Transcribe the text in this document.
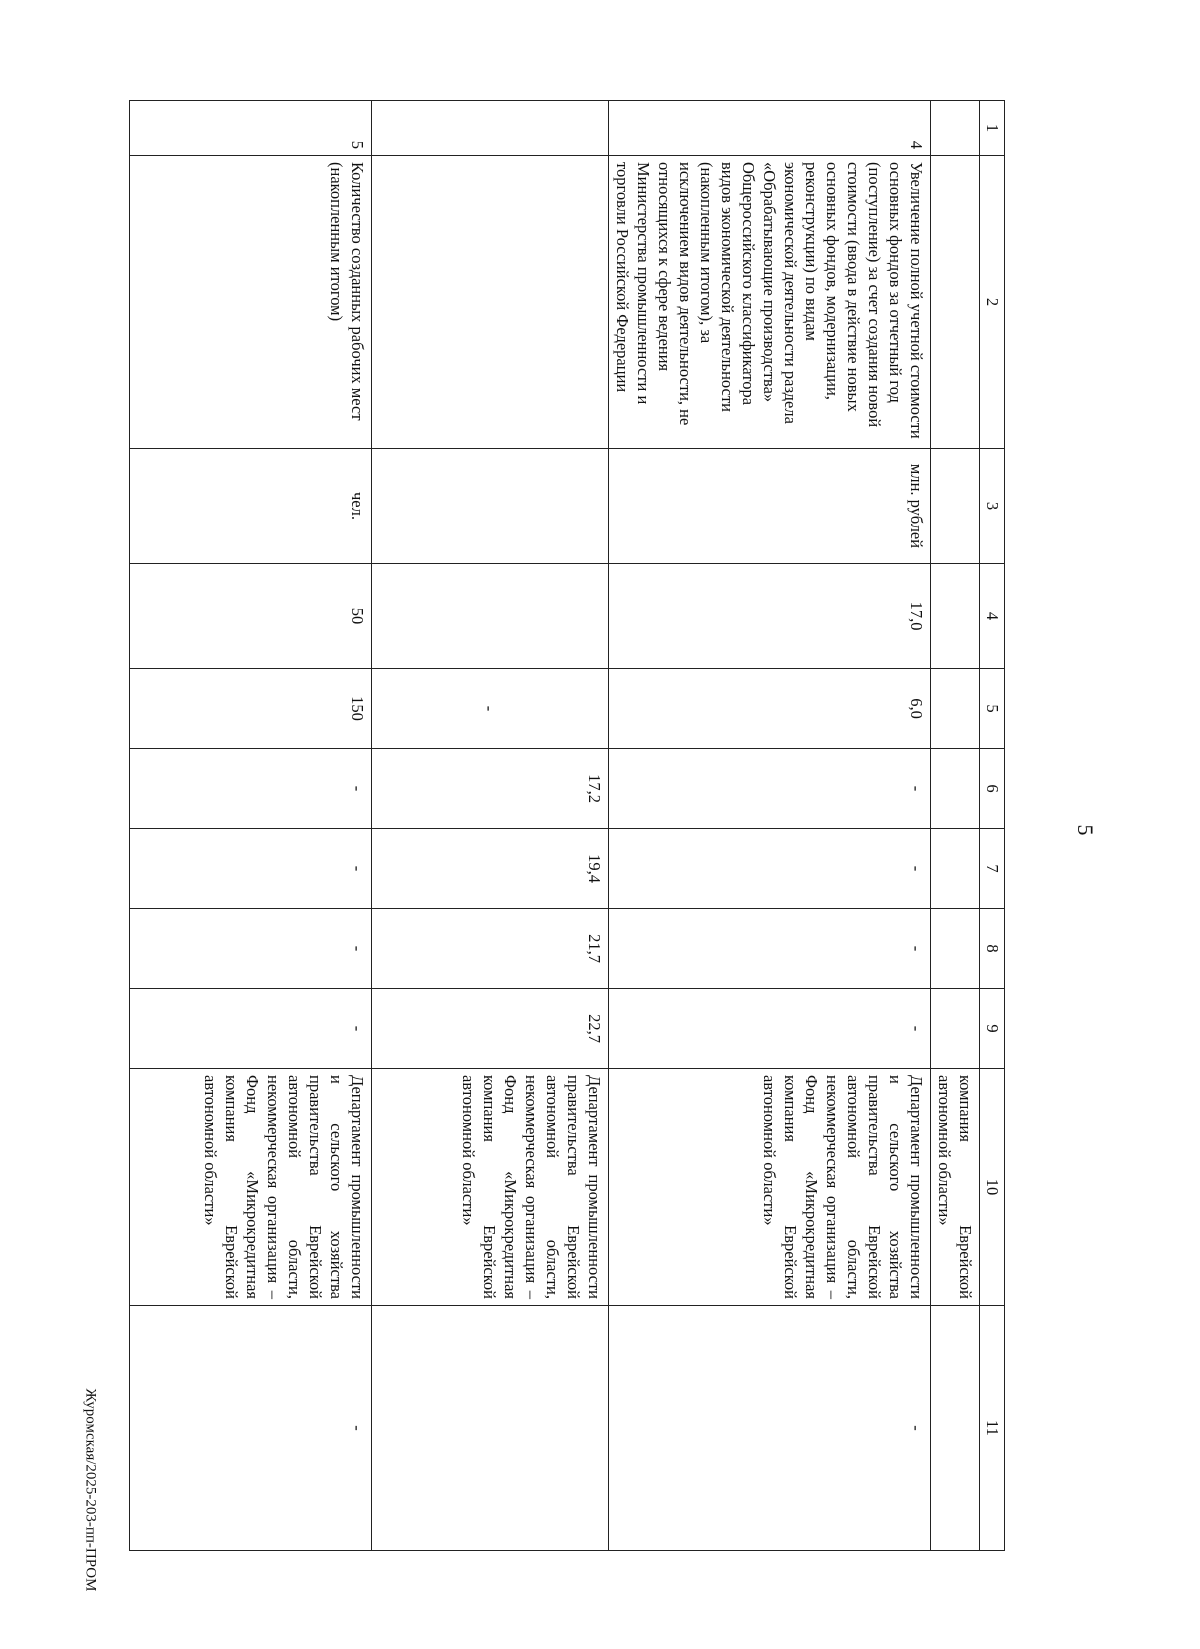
5
1	2	3	4	5	6	7	8	9	10	11
									компания Еврейской автономной области»	
4	Увеличение полной учетной стоимости основных фондов за отчетный год (поступление) за счет создания новой стоимости (ввода в действие новых основных фондов, модернизации, реконструкции) по видам экономической деятельности раздела «Обрабатывающие производства» Общероссийского классификатора видов экономической деятельности (накопленным итогом), за исключением видов деятельности, не относящихся к сфере ведения Министерства промышленности и торговли Российской Федерации	млн. рублей	17,0	6,0	-	-	-	-	Департамент промышленности и сельского хозяйства правительства Еврейской автономной области, некоммерческая организация – Фонд «Микрокредитная компания Еврейской автономной области»	-
				-	17,2	19,4	21,7	22,7	Департамент промышленности правительства Еврейской автономной области, некоммерческая организация – Фонд «Микрокредитная компания Еврейской автономной области»	
5	Количество созданных рабочих мест (накопленным итогом)	чел.	50	150	-	-	-	-	Департамент промышленности и сельского хозяйства правительства Еврейской автономной области, некоммерческая организация – Фонд «Микрокредитная компания Еврейской автономной области»	-
Журомская/2025-203-пп-ПРОМ
